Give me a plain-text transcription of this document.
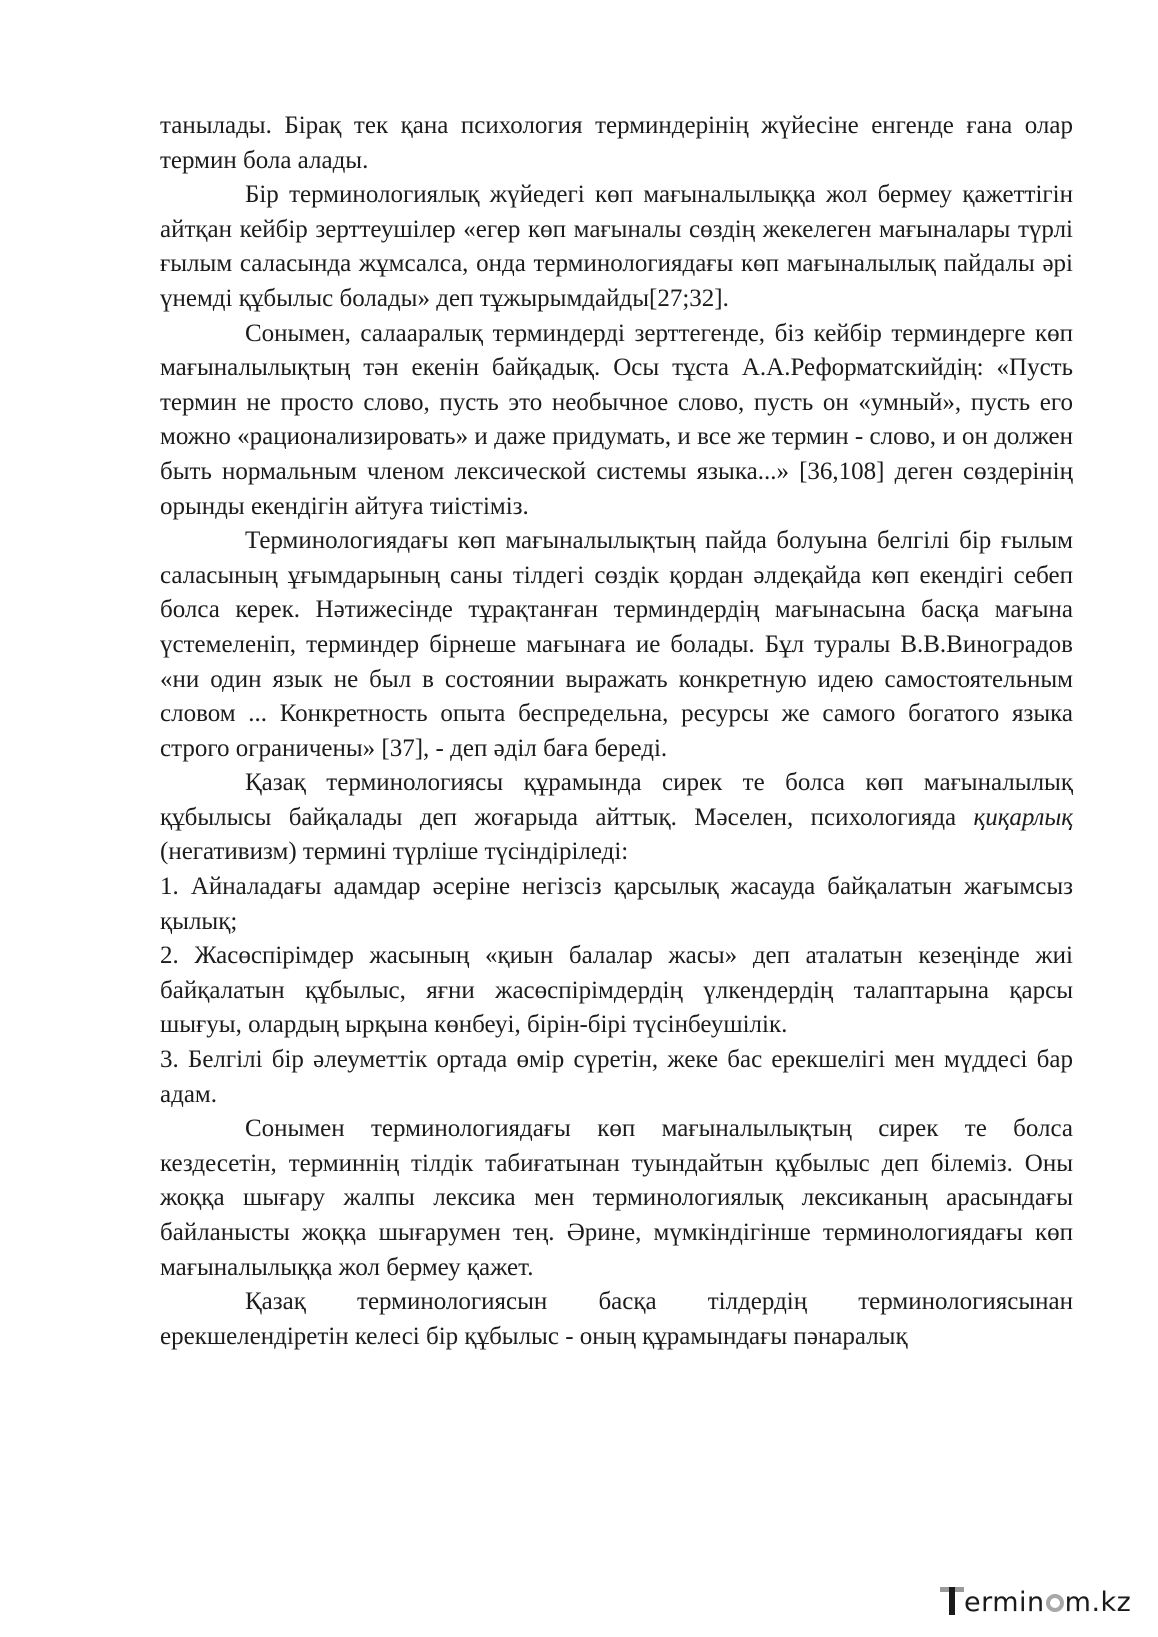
танылады. Бірақ тек қана психология терминдерінің жүйесіне енгенде ғана олар термин бола алады.

Бір терминологиялық жүйедегі көп мағыналылыққа жол бермеу қажеттігін айтқан кейбір зерттеушілер «егер көп мағыналы сөздің жекелеген мағыналары түрлі ғылым саласында жұмсалса, онда терминологиядағы көп мағыналылық пайдалы әрі үнемді құбылыс болады» деп тұжырымдайды[27;32].

Сонымен, салааралық терминдерді зерттегенде, біз кейбір терминдерге көп мағыналылықтың тән екенін байқадық. Осы тұста А.А.Реформатскийдің: «Пусть термин не просто слово, пусть это необычное слово, пусть он «умный», пусть его можно «рационализировать» и даже придумать, и все же термин - слово, и он должен быть нормальным членом лексической системы языка...» [36,108] деген сөздерінің орынды екендігін айтуға тиістіміз.

Терминологиядағы көп мағыналылықтың пайда болуына белгілі бір ғылым саласының ұғымдарының саны тілдегі сөздік қордан әлдеқайда көп екендігі себеп болса керек. Нәтижесінде тұрақтанған терминдердің мағынасына басқа мағына үстемеленіп, терминдер бірнеше мағынаға ие болады. Бұл туралы В.В.Виноградов «ни один язык не был в состоянии выражать конкретную идею самостоятельным словом ... Конкретность опыта беспредельна, ресурсы же самого богатого языка строго ограничены» [37], - деп әділ баға береді.

Қазақ терминологиясы құрамында сирек те болса көп мағыналылық құбылысы байқалады деп жоғарыда айттық. Мәселен, психологияда қиқарлық (негативизм) термині түрліше түсіндіріледі:

1. Айналадағы адамдар әсеріне негізсіз қарсылық жасауда байқалатын жағымсыз қылық;

2. Жасөспірімдер жасының «қиын балалар жасы» деп аталатын кезеңінде жиі байқалатын құбылыс, яғни жасөспірімдердің үлкендердің талаптарына қарсы шығуы, олардың ырқына көнбеуі, бірін-бірі түсінбеушілік.

3. Белгілі бір әлеуметтік ортада өмір сүретін, жеке бас ерекшелігі мен мүддесі бар адам.

Сонымен терминологиядағы көп мағыналылықтың сирек те болса кездесетін, терминнің тілдік табиғатынан туындайтын құбылыс деп білеміз. Оны жоққа шығару жалпы лексика мен терминологиялық лексиканың арасындағы байланысты жоққа шығарумен тең. Әрине, мүмкіндігінше терминологиядағы көп мағыналылыққа жол бермеу қажет.

Қазақ терминологиясын басқа тілдердің терминологиясынан ерекшелендіретін келесі бір құбылыс - оның құрамындағы пәнаралық

ermin m.kz
